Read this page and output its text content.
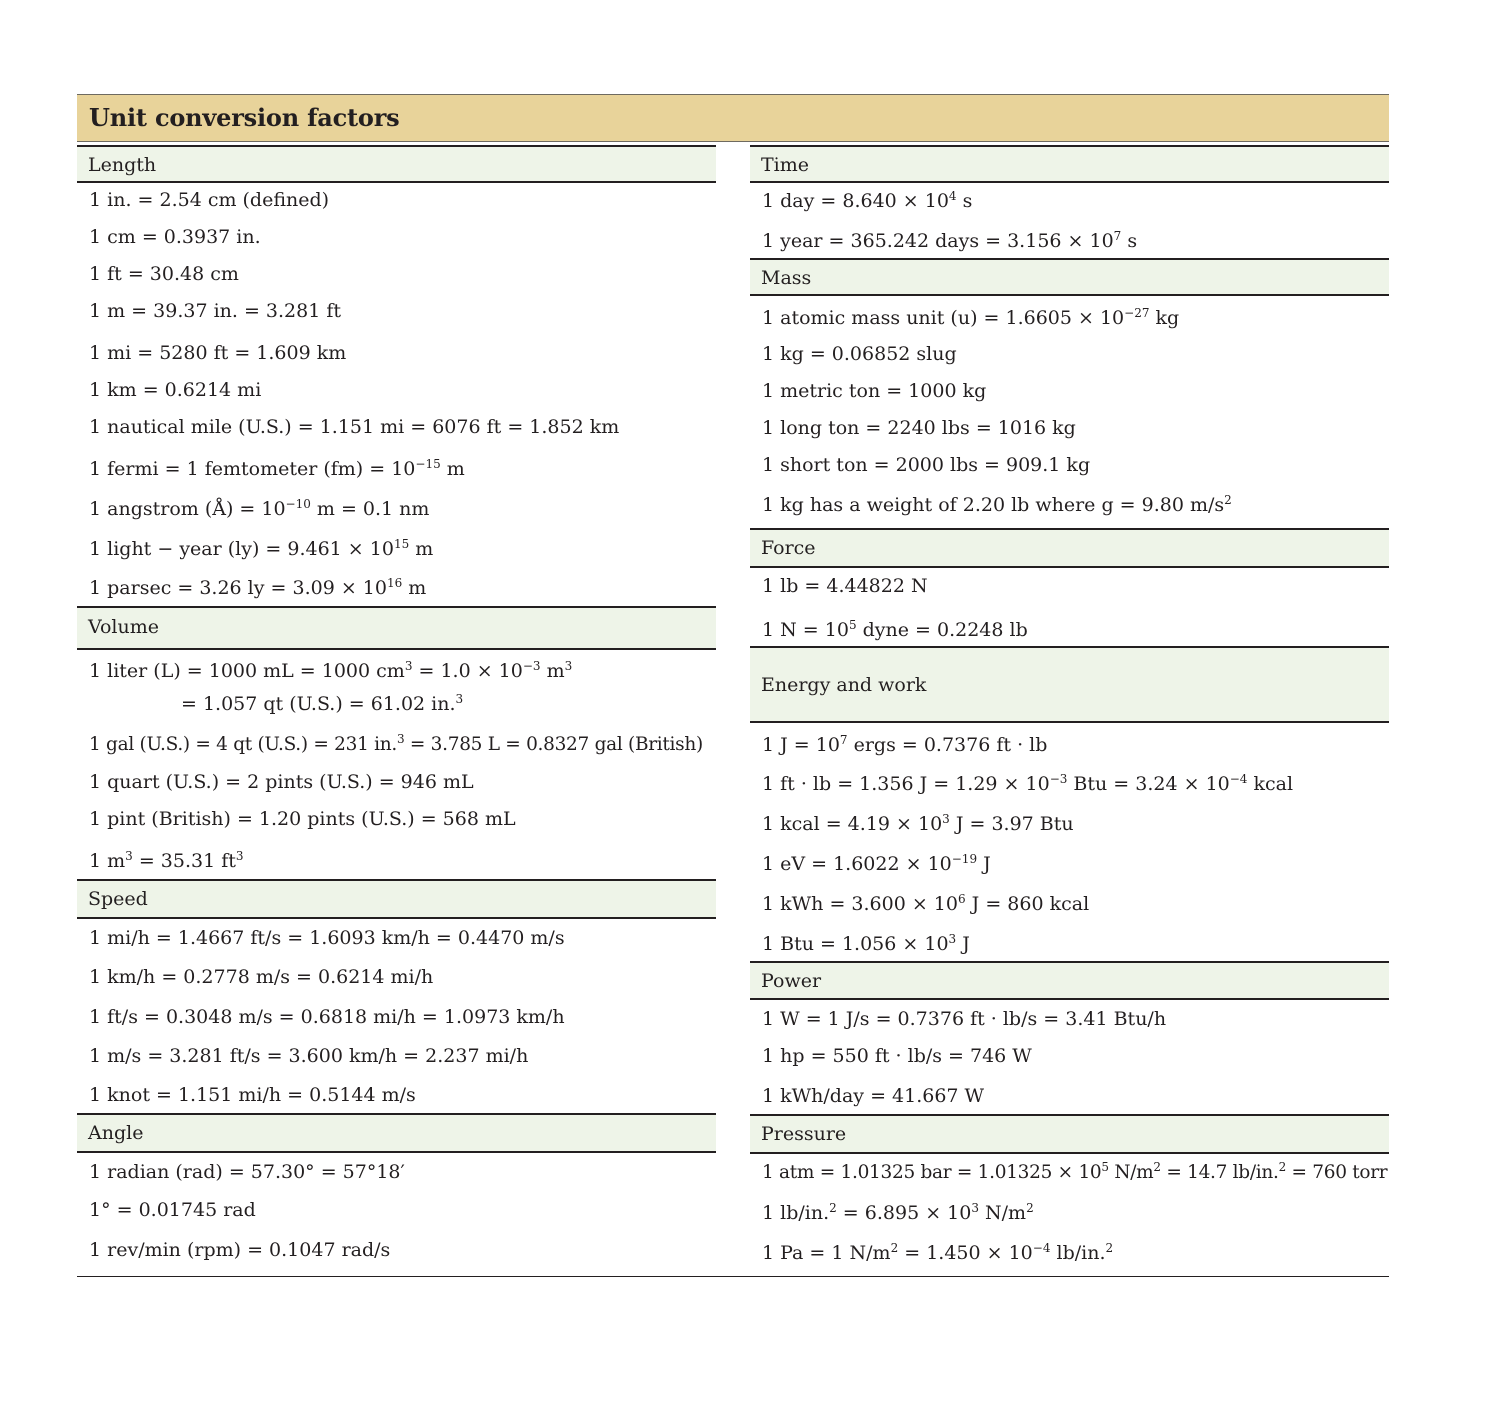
Unit conversion factors
Length
1 in. = 2.54 cm (defined)
1 cm = 0.3937 in.
1 ft = 30.48 cm
1 m = 39.37 in. = 3.281 ft
1 mi = 5280 ft = 1.609 km
1 km = 0.6214 mi
1 nautical mile (U.S.) = 1.151 mi = 6076 ft = 1.852 km
1 fermi = 1 femtometer $(fm) = 10^{-15}$ m
1 angstrom (Å) = $10^{-10}$ m = 0.1 nm
1 light − year $(ly) = 9.461 \times 10^{15}$ m
1 parsec = 3.26 ly = $3.09 \times 10^{16}$ m
Volume
1 liter (L) = 1000 mL = 1000 $cm^3 = 1.0 \times 10^{-3}$ $m^3$
= 1.057 qt (U.S.) = 61.02 in.$^3$
1 gal (U.S.) = 4 qt (U.S.) = 231 in.$^3$ = 3.785 L = 0.8327 gal (British)
1 quart (U.S.) = 2 pints (U.S.) = 946 mL
1 pint (British) = 1.20 pints (U.S.) = 568 mL
1 $m^3 = 35.31$ $ft^3$
Speed
1 mi/h = 1.4667 ft/s = 1.6093 km/h = 0.4470 m/s
1 km/h = 0.2778 m/s = 0.6214 mi/h
1 ft/s = 0.3048 m/s = 0.6818 mi/h = 1.0973 km/h
1 m/s = 3.281 ft/s = 3.600 km/h = 2.237 mi/h
1 knot = 1.151 mi/h = 0.5144 m/s
Angle
1 radian (rad) = 57.30° = 57°18′
1° = 0.01745 rad
1 rev/min (rpm) = 0.1047 rad/s
Time
1 day = $8.640 \times 10^4$ s
1 year = 365.242 days = $3.156 \times 10^7$ s
Mass
1 atomic mass unit $(u) = 1.6605 \times 10^{-27}$ kg
1 kg = 0.06852 slug
1 metric ton = 1000 kg
1 long ton = 2240 lbs = 1016 kg
1 short ton = 2000 lbs = 909.1 kg
1 kg has a weight of 2.20 lb where g = 9.80 $m/s^2$
Force
1 lb = 4.44822 N
1 $N = 10^5$ dyne = 0.2248 lb
Energy and work
1 $J = 10^7$ ergs = 0.7376 ft · lb
1 ft · lb = 1.356 $J = 1.29 \times 10^{-3}$ Btu = $3.24 \times 10^{-4}$ kcal
1 kcal = $4.19 \times 10^3$ J = 3.97 Btu
1 eV = $1.6022 \times 10^{-19}$ J
1 kWh = $3.600 \times 10^6$ J = 860 kcal
1 Btu = $1.056 \times 10^3$ J
Power
1 W = 1 J/s = 0.7376 ft · lb/s = 3.41 Btu/h
1 hp = 550 ft · lb/s = 746 W
1 kWh/day = 41.667 W
Pressure
1 atm = 1.01325 bar = $1.01325 \times 10^5$ $N/m^2 = 14.7$ lb/in.$^2$ = 760 torr
1 $lb/in.^2 = 6.895 \times 10^3$ $N/m^2$
1 Pa = 1 $N/m^2 = 1.450 \times 10^{-4}$ lb/in.$^2$
